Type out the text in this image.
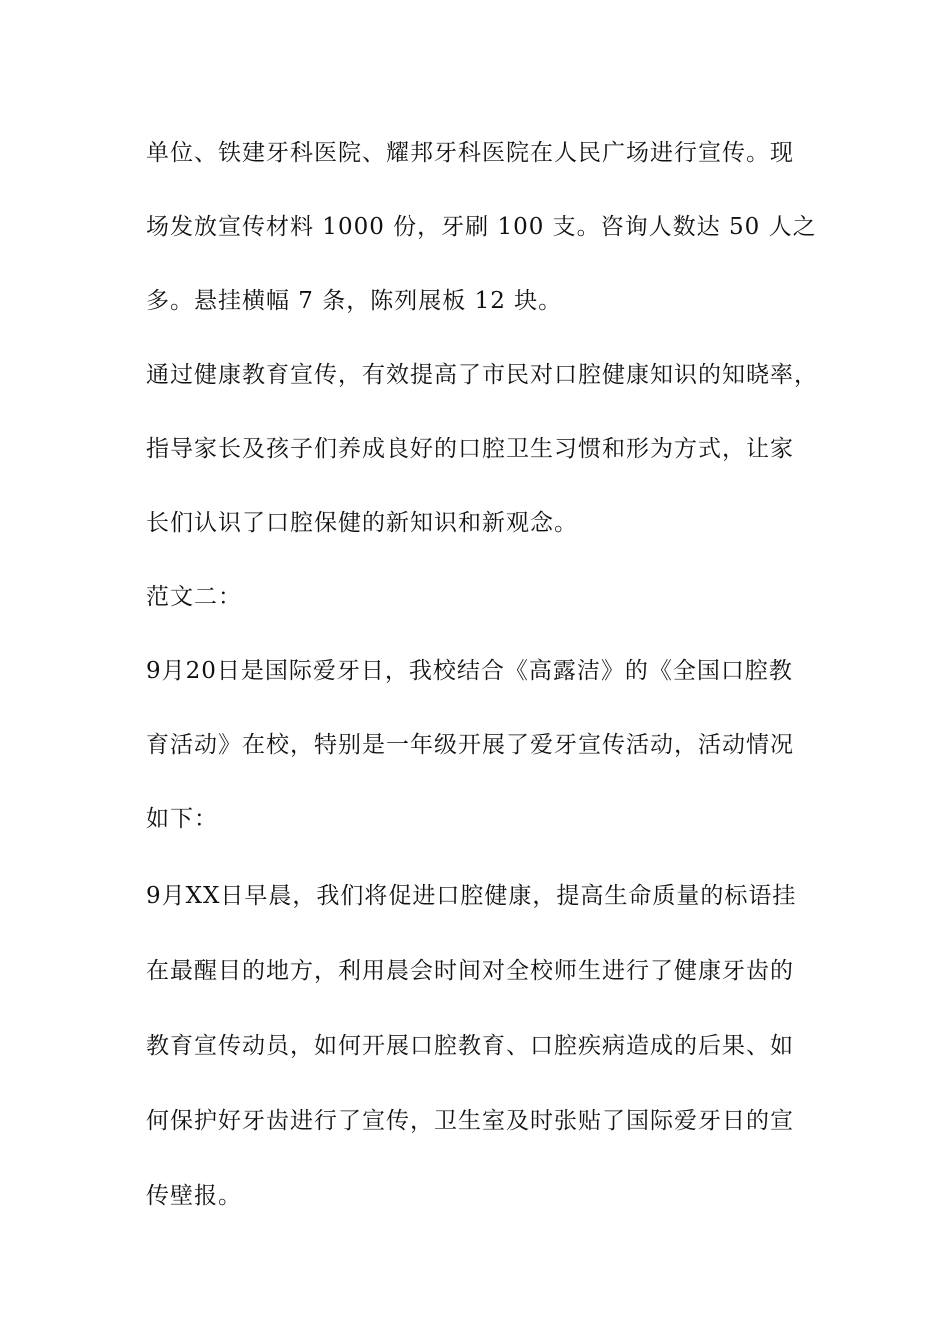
单位、铁建牙科医院、耀邦牙科医院在人民广场进行宣传。现
场发放宣传材料 1000 份，牙刷 100 支。咨询人数达 50 人之
多。悬挂横幅 7 条，陈列展板 12 块。
通过健康教育宣传，有效提高了市民对口腔健康知识的知晓率，
指导家长及孩子们养成良好的口腔卫生习惯和形为方式，让家
长们认识了口腔保健的新知识和新观念。
范文二：
9月20日是国际爱牙日，我校结合《高露洁》的《全国口腔教
育活动》在校，特别是一年级开展了爱牙宣传活动，活动情况
如下：
9月XX日早晨，我们将促进口腔健康，提高生命质量的标语挂
在最醒目的地方，利用晨会时间对全校师生进行了健康牙齿的
教育宣传动员，如何开展口腔教育、口腔疾病造成的后果、如
何保护好牙齿进行了宣传，卫生室及时张贴了国际爱牙日的宣
传壁报。
